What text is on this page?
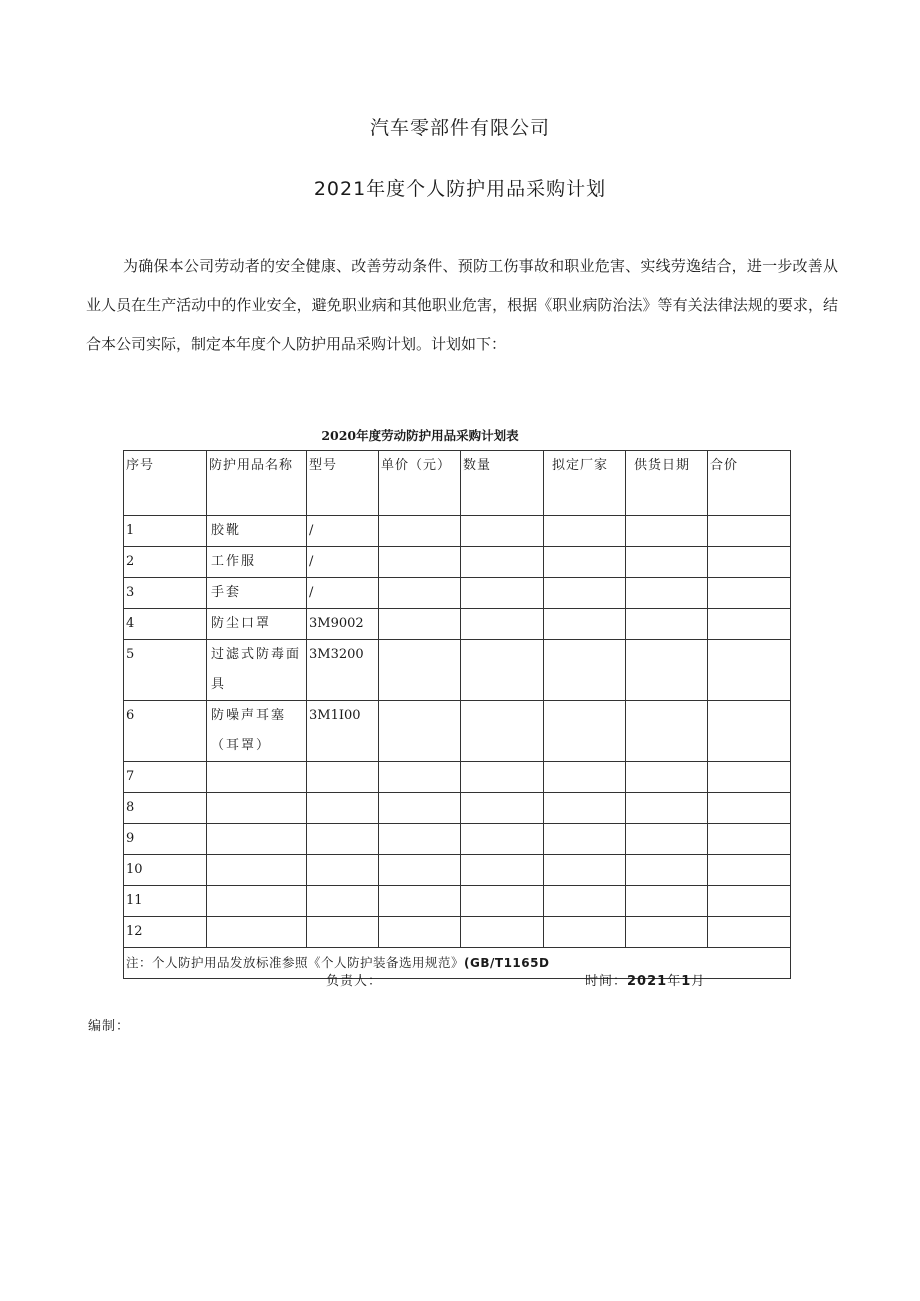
汽车零部件有限公司
2021年度个人防护用品采购计划

为确保本公司劳动者的安全健康、改善劳动条件、预防工伤事故和职业危害、实线劳逸结合，进一步改善从业人员在生产活动中的作业安全，避免职业病和其他职业危害，根据《职业病防治法》等有关法律法规的要求，结合本公司实际，制定本年度个人防护用品采购计划。计划如下：

2020年度劳动防护用品采购计划表
序号	防护用品名称	型号	单价（元）	数量	拟定厂家	供货日期	合价
1	胶靴	/					
2	工作服	/					
3	手套	/					
4	防尘口罩	3M9002					
5	过滤式防毒面具	3M3200					
6	防噪声耳塞（耳罩）	3M1I00					
7							
8							
9							
10							
11							
12							
注：个人防护用品发放标准参照《个人防护装备选用规范》(GB/T1165D							
负责人：	时间：2021年1月
编制：
